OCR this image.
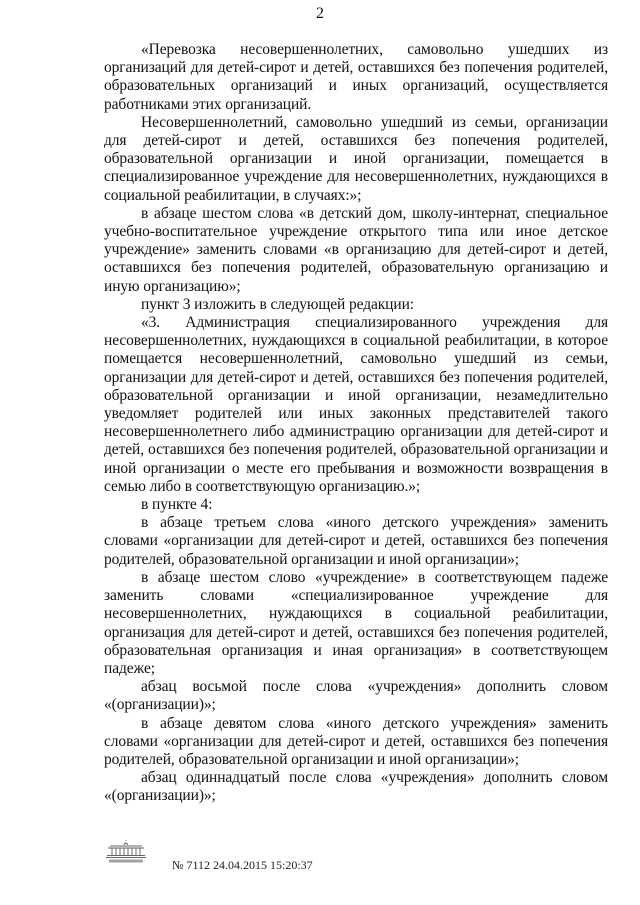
2

«Перевозка несовершеннолетних, самовольно ушедших из организаций для детей-сирот и детей, оставшихся без попечения родителей, образовательных организаций и иных организаций, осуществляется работниками этих организаций.

Несовершеннолетний, самовольно ушедший из семьи, организации для детей-сирот и детей, оставшихся без попечения родителей, образовательной организации и иной организации, помещается в специализированное учреждение для несовершеннолетних, нуждающихся в социальной реабилитации, в случаях:»;

в абзаце шестом слова «в детский дом, школу-интернат, специальное учебно-воспитательное учреждение открытого типа или иное детское учреждение» заменить словами «в организацию для детей-сирот и детей, оставшихся без попечения родителей, образовательную организацию и иную организацию»;

пункт 3 изложить в следующей редакции:

«3. Администрация специализированного учреждения для несовершеннолетних, нуждающихся в социальной реабилитации, в которое помещается несовершеннолетний, самовольно ушедший из семьи, организации для детей-сирот и детей, оставшихся без попечения родителей, образовательной организации и иной организации, незамедлительно уведомляет родителей или иных законных представителей такого несовершеннолетнего либо администрацию организации для детей-сирот и детей, оставшихся без попечения родителей, образовательной организации и иной организации о месте его пребывания и возможности возвращения в семью либо в соответствующую организацию.»;

в пункте 4:

в абзаце третьем слова «иного детского учреждения» заменить словами «организации для детей-сирот и детей, оставшихся без попечения родителей, образовательной организации и иной организации»;

в абзаце шестом слово «учреждение» в соответствующем падеже заменить словами «специализированное учреждение для несовершеннолетних, нуждающихся в социальной реабилитации, организация для детей-сирот и детей, оставшихся без попечения родителей, образовательная организация и иная организация» в соответствующем падеже;

абзац восьмой после слова «учреждения» дополнить словом «(организации)»;

в абзаце девятом слова «иного детского учреждения» заменить словами «организации для детей-сирот и детей, оставшихся без попечения родителей, образовательной организации и иной организации»;

абзац одиннадцатый после слова «учреждения» дополнить словом «(организации)»;

№ 7112 24.04.2015 15:20:37
